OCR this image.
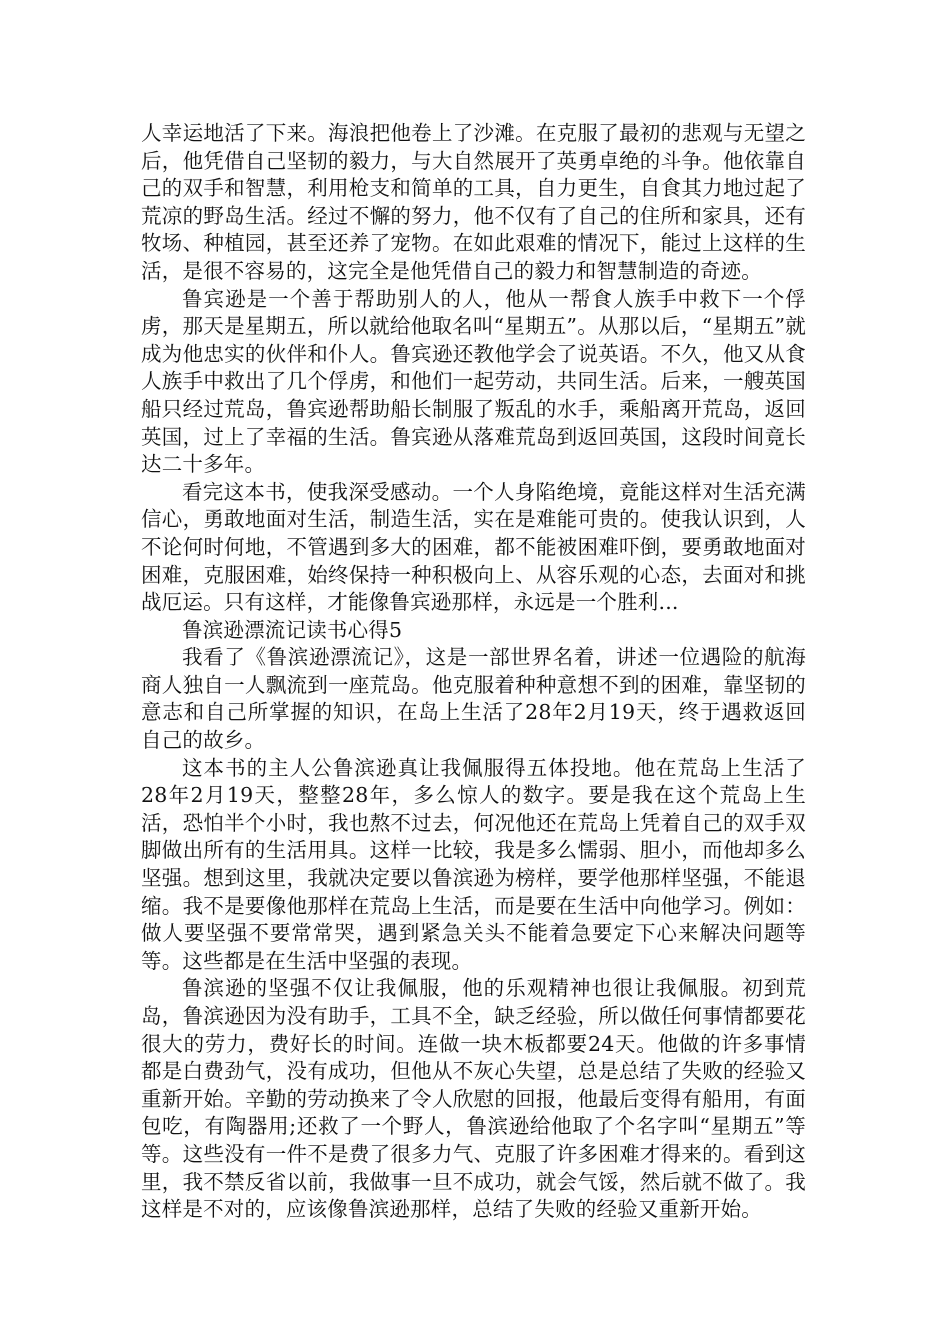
人幸运地活了下来。海浪把他卷上了沙滩。在克服了最初的悲观与无望之后，他凭借自己坚韧的毅力，与大自然展开了英勇卓绝的斗争。他依靠自己的双手和智慧，利用枪支和简单的工具，自力更生，自食其力地过起了荒凉的野岛生活。经过不懈的努力，他不仅有了自己的住所和家具，还有牧场、种植园，甚至还养了宠物。在如此艰难的情况下，能过上这样的生活，是很不容易的，这完全是他凭借自己的毅力和智慧制造的奇迹。

鲁宾逊是一个善于帮助别人的人，他从一帮食人族手中救下一个俘虏，那天是星期五，所以就给他取名叫“星期五”。从那以后，“星期五”就成为他忠实的伙伴和仆人。鲁宾逊还教他学会了说英语。不久，他又从食人族手中救出了几个俘虏，和他们一起劳动，共同生活。后来，一艘英国船只经过荒岛，鲁宾逊帮助船长制服了叛乱的水手，乘船离开荒岛，返回英国，过上了幸福的生活。鲁宾逊从落难荒岛到返回英国，这段时间竟长达二十多年。

看完这本书，使我深受感动。一个人身陷绝境，竟能这样对生活充满信心，勇敢地面对生活，制造生活，实在是难能可贵的。使我认识到，人不论何时何地，不管遇到多大的困难，都不能被困难吓倒，要勇敢地面对困难，克服困难，始终保持一种积极向上、从容乐观的心态，去面对和挑战厄运。只有这样，才能像鲁宾逊那样，永远是一个胜利...

鲁滨逊漂流记读书心得5

我看了《鲁滨逊漂流记》，这是一部世界名着，讲述一位遇险的航海商人独自一人飘流到一座荒岛。他克服着种种意想不到的困难，靠坚韧的意志和自己所掌握的知识，在岛上生活了28年2月19天，终于遇救返回自己的故乡。

这本书的主人公鲁滨逊真让我佩服得五体投地。他在荒岛上生活了28年2月19天，整整28年，多么惊人的数字。要是我在这个荒岛上生活，恐怕半个小时，我也熬不过去，何况他还在荒岛上凭着自己的双手双脚做出所有的生活用具。这样一比较，我是多么懦弱、胆小，而他却多么坚强。想到这里，我就决定要以鲁滨逊为榜样，要学他那样坚强，不能退缩。我不是要像他那样在荒岛上生活，而是要在生活中向他学习。例如：做人要坚强不要常常哭，遇到紧急关头不能着急要定下心来解决问题等等。这些都是在生活中坚强的表现。

鲁滨逊的坚强不仅让我佩服，他的乐观精神也很让我佩服。初到荒岛，鲁滨逊因为没有助手，工具不全，缺乏经验，所以做任何事情都要花很大的劳力，费好长的时间。连做一块木板都要24天。他做的许多事情都是白费劲气，没有成功，但他从不灰心失望，总是总结了失败的经验又重新开始。辛勤的劳动换来了令人欣慰的回报，他最后变得有船用，有面包吃，有陶器用;还救了一个野人，鲁滨逊给他取了个名字叫“星期五”等等。这些没有一件不是费了很多力气、克服了许多困难才得来的。看到这里，我不禁反省以前，我做事一旦不成功，就会气馁，然后就不做了。我这样是不对的，应该像鲁滨逊那样，总结了失败的经验又重新开始。
